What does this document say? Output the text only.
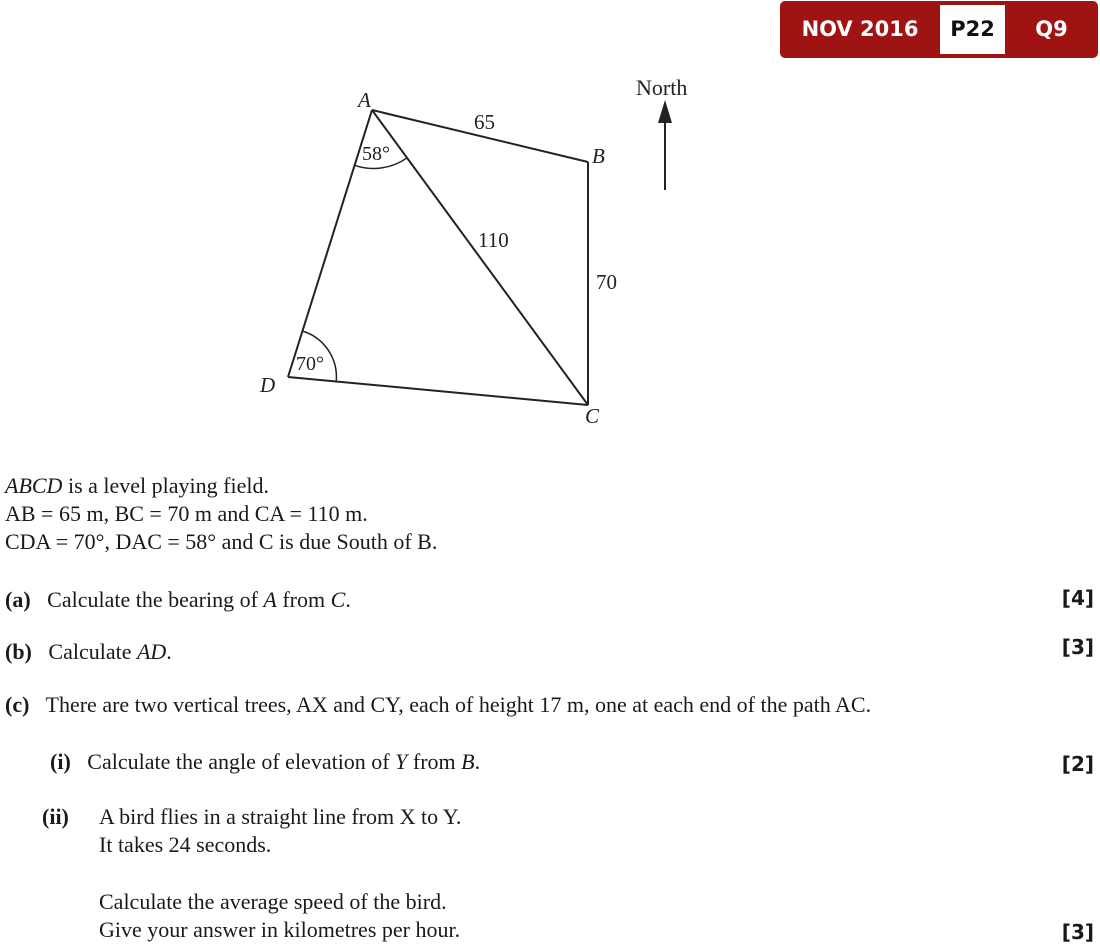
NOV 2016	P22	Q9
A
B
C
D
65
110
70
58°
70°
North
ABCD is a level playing field.
AB = 65 m, BC = 70 m and CA = 110 m.
CDA = 70°, DAC = 58° and C is due South of B.
(a) Calculate the bearing of A from C.	[4]
(b) Calculate AD.	[3]
(c) There are two vertical trees, AX and CY, each of height 17 m, one at each end of the path AC.
(i) Calculate the angle of elevation of Y from B.	[2]
(ii) A bird flies in a straight line from X to Y.
It takes 24 seconds.
Calculate the average speed of the bird.
Give your answer in kilometres per hour.	[3]
